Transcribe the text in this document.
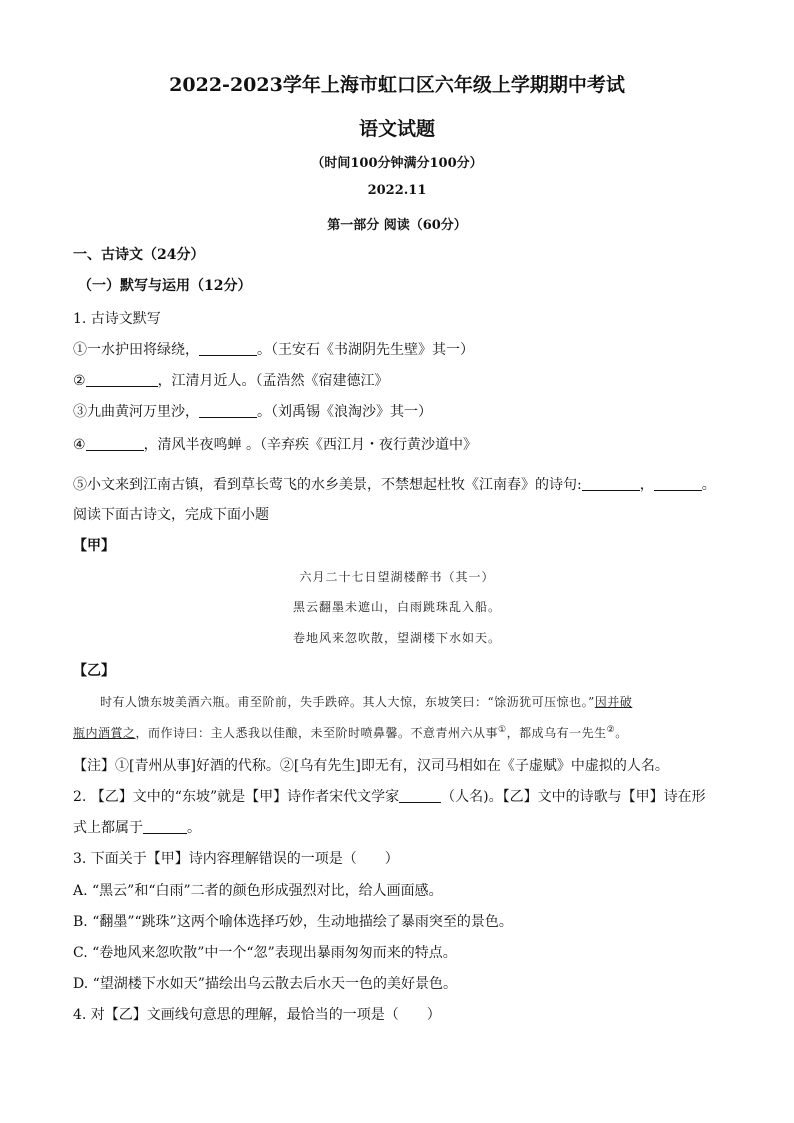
2022-2023学年上海市虹口区六年级上学期期中考试
语文试题
（时间100分钟满分100分）
2022.11
第一部分 阅读（60分）
一、古诗文（24分）
（一）默写与运用（12分）
1. 古诗文默写
①一水护田将绿绕，	。（王安石《书湖阴先生壁》其一）
②	，江清月近人。（孟浩然《宿建德江》
③九曲黄河万里沙，	。（刘禹锡《浪淘沙》其一）
④	，清风半夜鸣蝉 。（辛弃疾《西江月・夜行黄沙道中》
⑤小文来到江南古镇，看到草长莺飞的水乡美景，不禁想起杜牧《江南春》的诗句:	，	。
阅读下面古诗文，完成下面小题
【甲】
六月二十七日望湖楼醉书（其一）
黑云翻墨未遮山，白雨跳珠乱入船。
卷地风来忽吹散，望湖楼下水如天。
【乙】
时有人馈东坡美酒六瓶。甫至阶前，失手跌碎。其人大惊，东坡笑曰：“馀沥犹可压惊也。”因并破
瓶内酒賞之，而作诗曰：主人悉我以佳酿，未至阶时喷鼻馨。不意青州六从事①，都成乌有一先生②。
【注】①[青州从事]好酒的代称。②[乌有先生]即无有，汉司马相如在《子虚赋》中虚拟的人名。
2. 【乙】文中的“东坡”就是【甲】诗作者宋代文学家	（人名)。【乙】文中的诗歌与【甲】诗在形
式上都属于	。
3. 下面关于【甲】诗内容理解错误的一项是（　　）
A. “黑云”和“白雨”二者的颜色形成强烈对比，给人画面感。
B. “翻墨”“跳珠”这两个喻体选择巧妙，生动地描绘了暴雨突至的景色。
C. “卷地风来忽吹散”中一个“忽”表现出暴雨匆匆而来的特点。
D. “望湖楼下水如天”描绘出乌云散去后水天一色的美好景色。
4. 对【乙】文画线句意思的理解，最恰当的一项是（　　）
